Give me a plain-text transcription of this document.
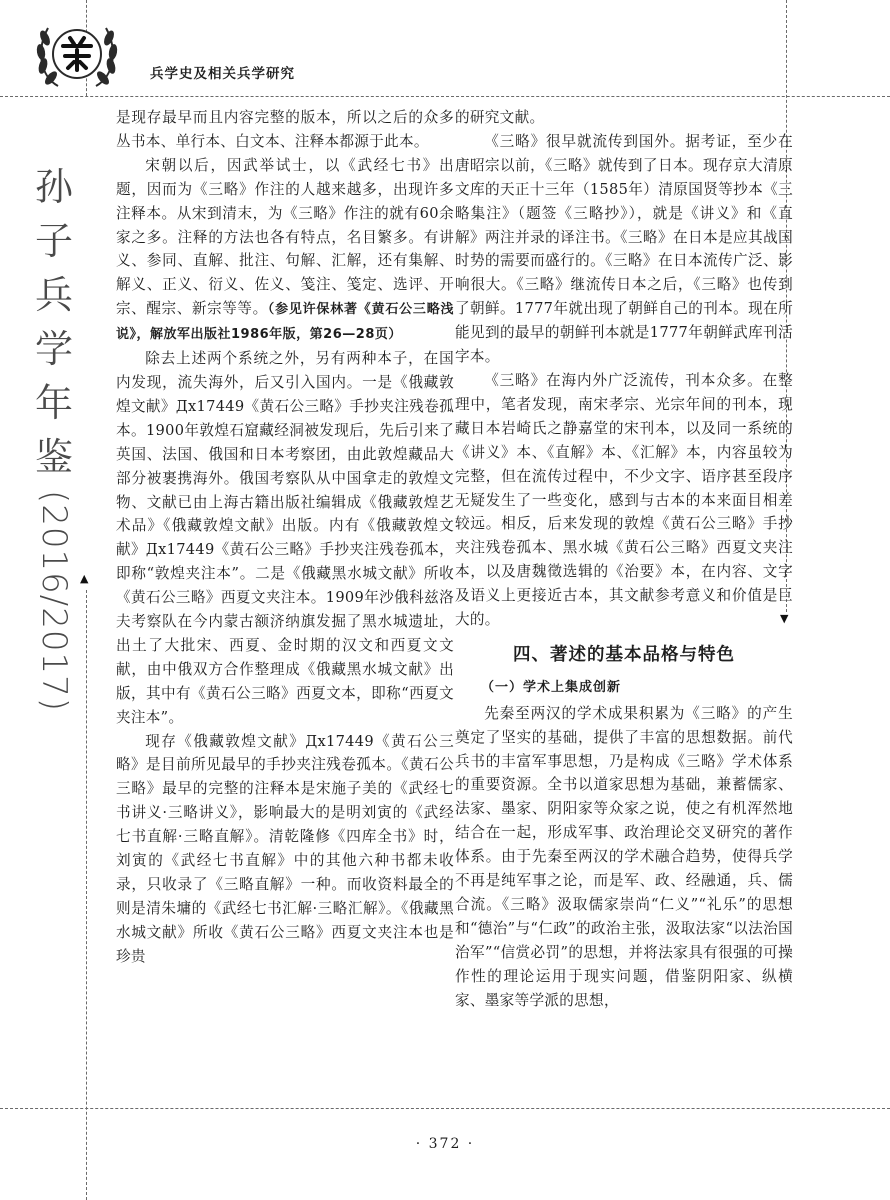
兵学史及相关兵学研究
孙
子
兵
学
年
鉴
(2016/2017) ▲
▼

是现存最早而且内容完整的版本，所以之后的众多丛书本、单行本、白文本、注释本都源于此本。

宋朝以后，因武举试士，以《武经七书》出题，因而为《三略》作注的人越来越多，出现许多注释本。从宋到清末，为《三略》作注的就有60余家之多。注释的方法也各有特点，名目繁多。有讲义、参同、直解、批注、句解、汇解，还有集解、解义、正义、衍义、佐义、笺注、笺定、选评、开宗、醒宗、新宗等等。（参见许保林著《黄石公三略浅说》，解放军出版社1986年版，第26—28页）

除去上述两个系统之外，另有两种本子，在国内发现，流失海外，后又引入国内。一是《俄藏敦煌文献》Дх17449《黄石公三略》手抄夹注残卷孤本。1900年敦煌石窟藏经洞被发现后，先后引来了英国、法国、俄国和日本考察团，由此敦煌藏品大部分被裹携海外。俄国考察队从中国拿走的敦煌文物、文献已由上海古籍出版社编辑成《俄藏敦煌艺术品》《俄藏敦煌文献》出版。内有《俄藏敦煌文献》Дх17449《黄石公三略》手抄夹注残卷孤本，即称“敦煌夹注本”。二是《俄藏黑水城文献》所收《黄石公三略》西夏文夹注本。1909年沙俄科兹洛夫考察队在今内蒙古额济纳旗发掘了黑水城遗址，出土了大批宋、西夏、金时期的汉文和西夏文文献，由中俄双方合作整理成《俄藏黑水城文献》出版，其中有《黄石公三略》西夏文本，即称“西夏文夹注本”。

现存《俄藏敦煌文献》Дх17449《黄石公三略》是目前所见最早的手抄夹注残卷孤本。《黄石公三略》最早的完整的注释本是宋施子美的《武经七书讲义·三略讲义》，影响最大的是明刘寅的《武经七书直解·三略直解》。清乾隆修《四库全书》时，刘寅的《武经七书直解》中的其他六种书都未收录，只收录了《三略直解》一种。而收资料最全的则是清朱墉的《武经七书汇解·三略汇解》。《俄藏黑水城文献》所收《黄石公三略》西夏文夹注本也是珍贵

的研究文献。

《三略》很早就流传到国外。据考证，至少在唐昭宗以前，《三略》就传到了日本。现存京大清原文库的天正十三年（1585年）清原国贤等抄本《三略集注》（题签《三略抄》），就是《讲义》和《直解》两注并录的译注书。《三略》在日本是应其战国时势的需要而盛行的。《三略》在日本流传广泛、影响很大。《三略》继流传日本之后，《三略》也传到了朝鲜。1777年就出现了朝鲜自己的刊本。现在所能见到的最早的朝鲜刊本就是1777年朝鲜武库刊活字本。

《三略》在海内外广泛流传，刊本众多。在整理中，笔者发现，南宋孝宗、光宗年间的刊本，现藏日本岩崎氏之静嘉堂的宋刊本，以及同一系统的《讲义》本、《直解》本、《汇解》本，内容虽较为完整，但在流传过程中，不少文字、语序甚至段序无疑发生了一些变化，感到与古本的本来面目相差较远。相反，后来发现的敦煌《黄石公三略》手抄夹注残卷孤本、黑水城《黄石公三略》西夏文夹注本，以及唐魏徵选辑的《治要》本，在内容、文字及语义上更接近古本，其文献参考意义和价值是巨大的。

四、著述的基本品格与特色
（一）学术上集成创新

先秦至两汉的学术成果积累为《三略》的产生奠定了坚实的基础，提供了丰富的思想数据。前代兵书的丰富军事思想，乃是构成《三略》学术体系的重要资源。全书以道家思想为基础，兼蓄儒家、法家、墨家、阴阳家等众家之说，使之有机浑然地结合在一起，形成军事、政治理论交叉研究的著作体系。由于先秦至两汉的学术融合趋势，使得兵学不再是纯军事之论，而是军、政、经融通，兵、儒合流。《三略》汲取儒家崇尚“仁义”“礼乐”的思想和“德治”与“仁政”的政治主张，汲取法家“以法治国治军”“信赏必罚”的思想，并将法家具有很强的可操作性的理论运用于现实问题，借鉴阴阳家、纵横家、墨家等学派的思想，

· 372 ·
